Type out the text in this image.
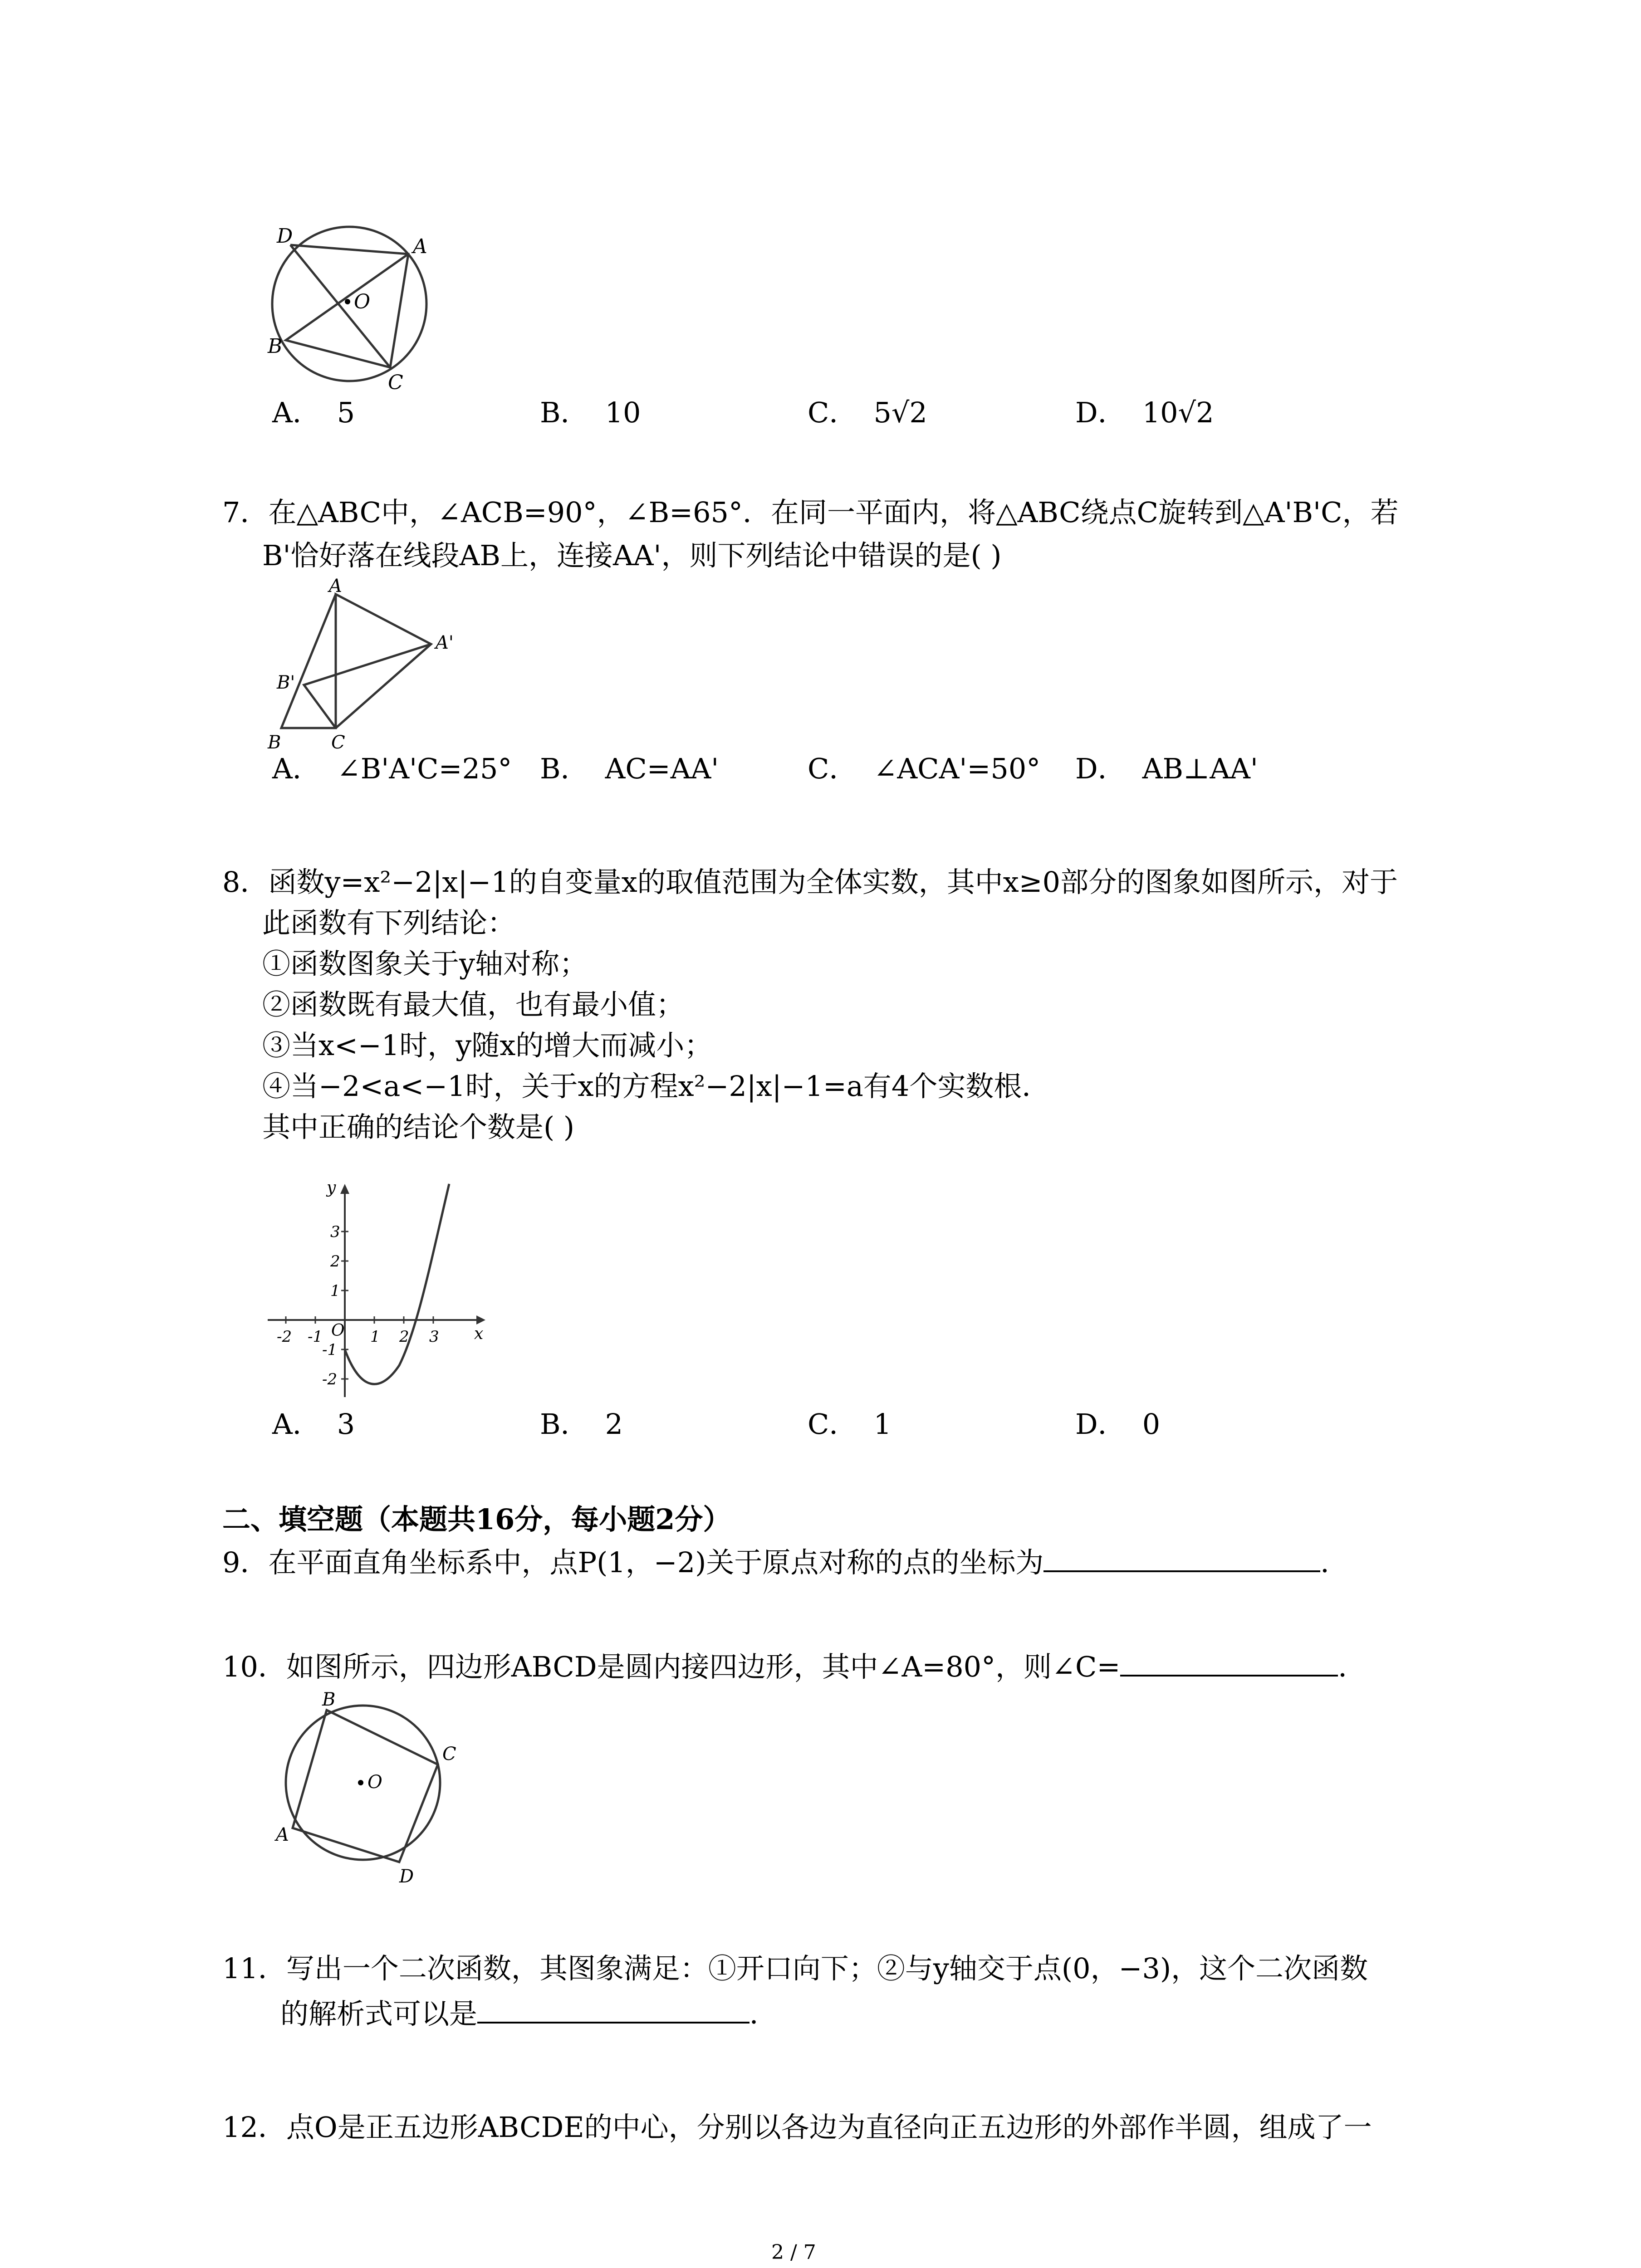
D	A
B
C
O
A． 5	B． 10	C． 5√2	D． 10√2
7．在△ABC中，∠ACB=90°，∠B=65°．在同一平面内，将△ABC绕点C旋转到△A'B'C，若
B'恰好落在线段AB上，连接AA'，则下列结论中错误的是( )
A
A'
B'
B	C
A． ∠B'A'C=25° B． AC=AA'	C． ∠ACA'=50° D． AB⊥AA'
8．函数y=x²−2|x|−1的自变量x的取值范围为全体实数，其中x≥0部分的图象如图所示，对于
此函数有下列结论：
①函数图象关于y轴对称；
②函数既有最大值，也有最小值；
③当x<−1时，y随x的增大而减小；
④当−2<a<−1时，关于x的方程x²−2|x|−1=a有4个实数根．
其中正确的结论个数是( )
-2 -1	1 2 3
3
2
1
-1
-2
O	x
y
A． 3	B． 2	C． 1	D． 0
二、填空题（本题共16分，每小题2分）
9．在平面直角坐标系中，点P(1，−2)关于原点对称的点的坐标为	．
10．如图所示，四边形ABCD是圆内接四边形，其中∠A=80°，则∠C=	．
B
C
D
A
O
11．写出一个二次函数，其图象满足：①开口向下；②与y轴交于点(0，−3)，这个二次函数
的解析式可以是	．
12．点O是正五边形ABCDE的中心，分别以各边为直径向正五边形的外部作半圆，组成了一
2 / 7
